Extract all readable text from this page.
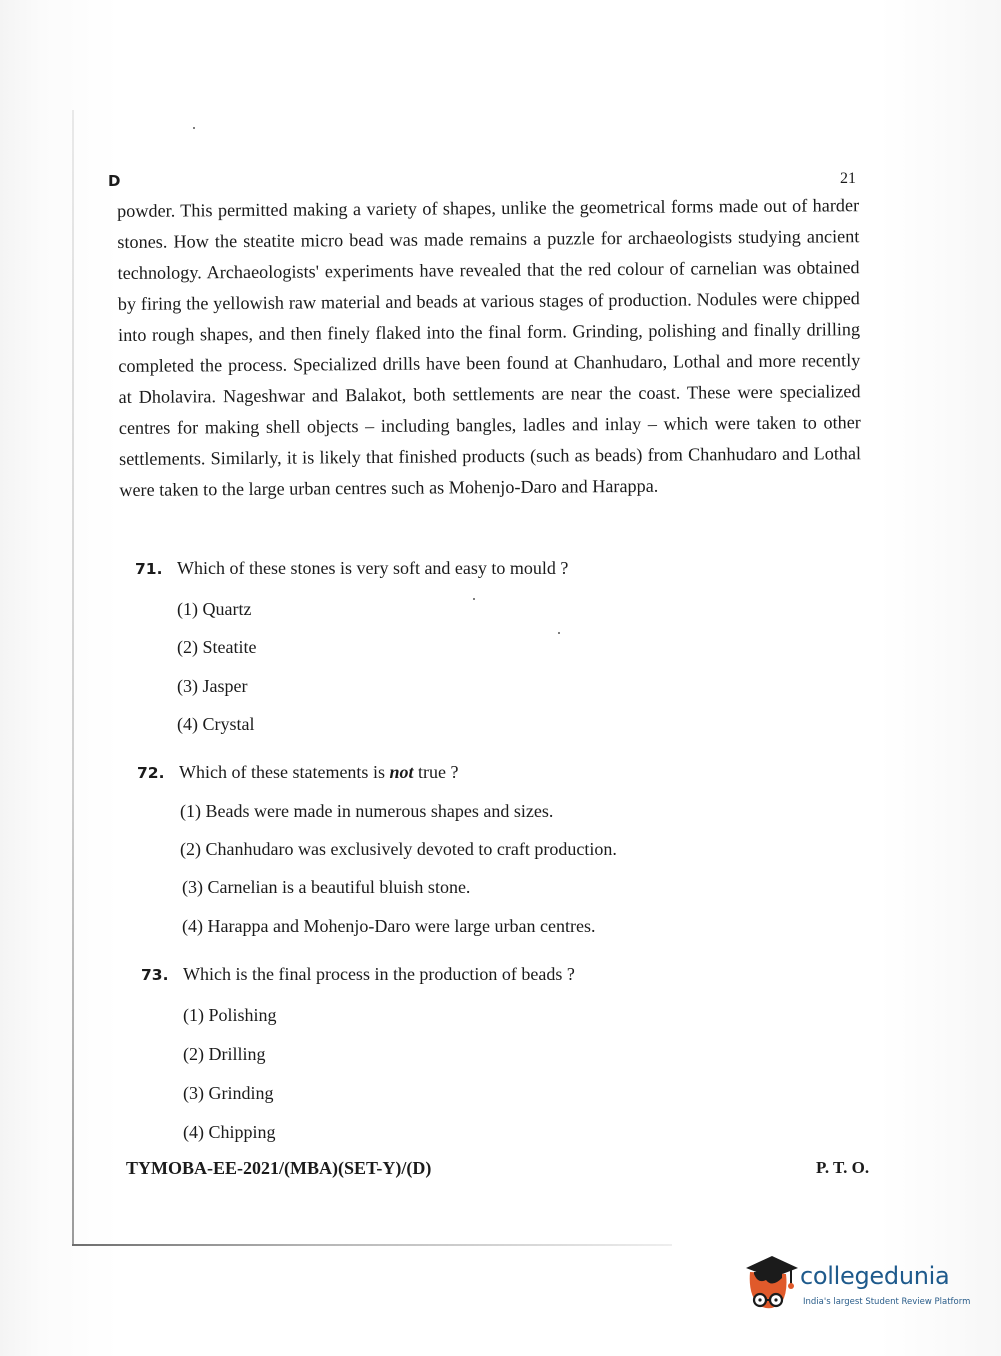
D	21

powder. This permitted making a variety of shapes, unlike the geometrical forms made out of harder stones. How the steatite micro bead was made remains a puzzle for archaeologists studying ancient technology. Archaeologists' experiments have revealed that the red colour of carnelian was obtained by firing the yellowish raw material and beads at various stages of production. Nodules were chipped into rough shapes, and then finely flaked into the final form. Grinding, polishing and finally drilling completed the process. Specialized drills have been found at Chanhudaro, Lothal and more recently at Dholavira. Nageshwar and Balakot, both settlements are near the coast. These were specialized centres for making shell objects – including bangles, ladles and inlay – which were taken to other settlements. Similarly, it is likely that finished products (such as beads) from Chanhudaro and Lothal were taken to the large urban centres such as Mohenjo-Daro and Harappa.

71. Which of these stones is very soft and easy to mould ?
(1) Quartz
(2) Steatite
(3) Jasper
(4) Crystal
72. Which of these statements is not true ?
(1) Beads were made in numerous shapes and sizes.
(2) Chanhudaro was exclusively devoted to craft production.
(3) Carnelian is a beautiful bluish stone.
(4) Harappa and Mohenjo-Daro were large urban centres.
73. Which is the final process in the production of beads ?
(1) Polishing
(2) Drilling
(3) Grinding
(4) Chipping
TYMOBA-EE-2021/(MBA)(SET-Y)/(D)	P. T. O.
collegedunia
India's largest Student Review Platform
